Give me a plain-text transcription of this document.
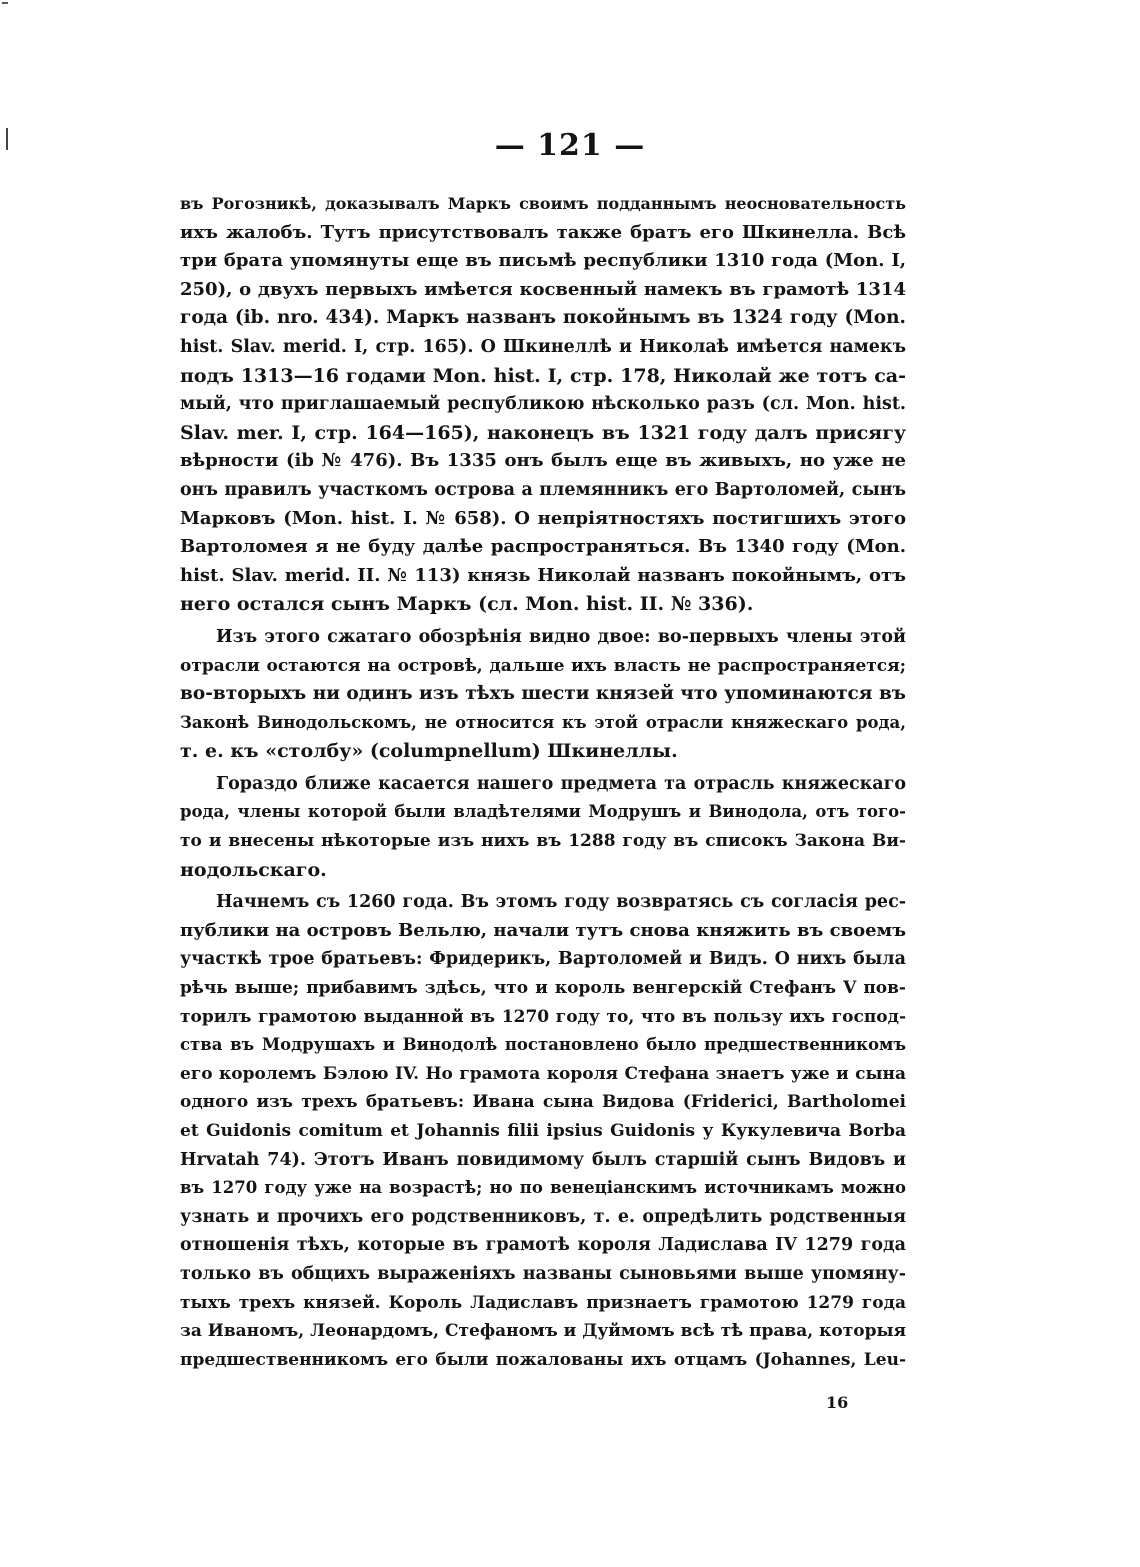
— 121 —
въ Рогозникѣ, доказывалъ Маркъ своимъ подданнымъ неосновательность
ихъ жалобъ. Тутъ присутствовалъ также братъ его Шкинелла. Всѣ
три брата упомянуты еще въ письмѣ республики 1310 года (Mon. I,
250), о двухъ первыхъ имѣется косвенный намекъ въ грамотѣ 1314
года (ib. nro. 434). Маркъ названъ покойнымъ въ 1324 году (Mon.
hist. Slav. merid. I, стр. 165). О Шкинеллѣ и Николаѣ имѣется намекъ
подъ 1313—16 годами Mon. hist. I, стр. 178, Николай же тотъ са-
мый, что приглашаемый республикою нѣсколько разъ (сл. Mon. hist.
Slav. mer. I, стр. 164—165), наконецъ въ 1321 году далъ присягу
вѣрности (ib № 476). Въ 1335 онъ былъ еще въ живыхъ, но уже не
онъ правилъ участкомъ острова а племянникъ его Вартоломей, сынъ
Марковъ (Mon. hist. I. № 658). О непріятностяхъ постигшихъ этого
Вартоломея я не буду далѣе распространяться. Въ 1340 году (Mon.
hist. Slav. merid. II. № 113) князь Николай названъ покойнымъ, отъ
него остался сынъ Маркъ (сл. Mon. hist. II. № 336).
Изъ этого сжатаго обозрѣнія видно двое: во-первыхъ члены этой
отрасли остаются на островѣ, дальше ихъ власть не распространяется;
во-вторыхъ ни одинъ изъ тѣхъ шести князей что упоминаются въ
Законѣ Винодольскомъ, не относится къ этой отрасли княжескаго рода,
т. е. къ «столбу» (columpnellum) Шкинеллы.
Гораздо ближе касается нашего предмета та отрасль княжескаго
рода, члены которой были владѣтелями Модрушъ и Винодола, отъ того-
то и внесены нѣкоторые изъ нихъ въ 1288 году въ списокъ Закона Ви-
нодольскаго.
Начнемъ съ 1260 года. Въ этомъ году возвратясь съ согласія рес-
публики на островъ Вельлю, начали тутъ снова княжить въ своемъ
участкѣ трое братьевъ: Фридерикъ, Вартоломей и Видъ. О нихъ была
рѣчь выше; прибавимъ здѣсь, что и король венгерскій Стефанъ V пов-
торилъ грамотою выданной въ 1270 году то, что въ пользу ихъ господ-
ства въ Модрушахъ и Винодолѣ постановлено было предшественникомъ
его королемъ Бэлою IV. Но грамота короля Стефана знаетъ уже и сына
одного изъ трехъ братьевъ: Ивана сына Видова (Friderici, Bartholomei
et Guidonis comitum et Johannis filii ipsius Guidonis у Кукулевича Borba
Hrvatah 74). Этотъ Иванъ повидимому былъ старшій сынъ Видовъ и
въ 1270 году уже на возрастѣ; но по венеціанскимъ источникамъ можно
узнать и прочихъ его родственниковъ, т. е. опредѣлить родственныя
отношенія тѣхъ, которые въ грамотѣ короля Ладислава IV 1279 года
только въ общихъ выраженіяхъ названы сыновьями выше упомяну-
тыхъ трехъ князей. Король Ладиславъ признаетъ грамотою 1279 года
за Иваномъ, Леонардомъ, Стефаномъ и Дуймомъ всѣ тѣ права, которыя
предшественникомъ его были пожалованы ихъ отцамъ (Johannes, Leu-
16
